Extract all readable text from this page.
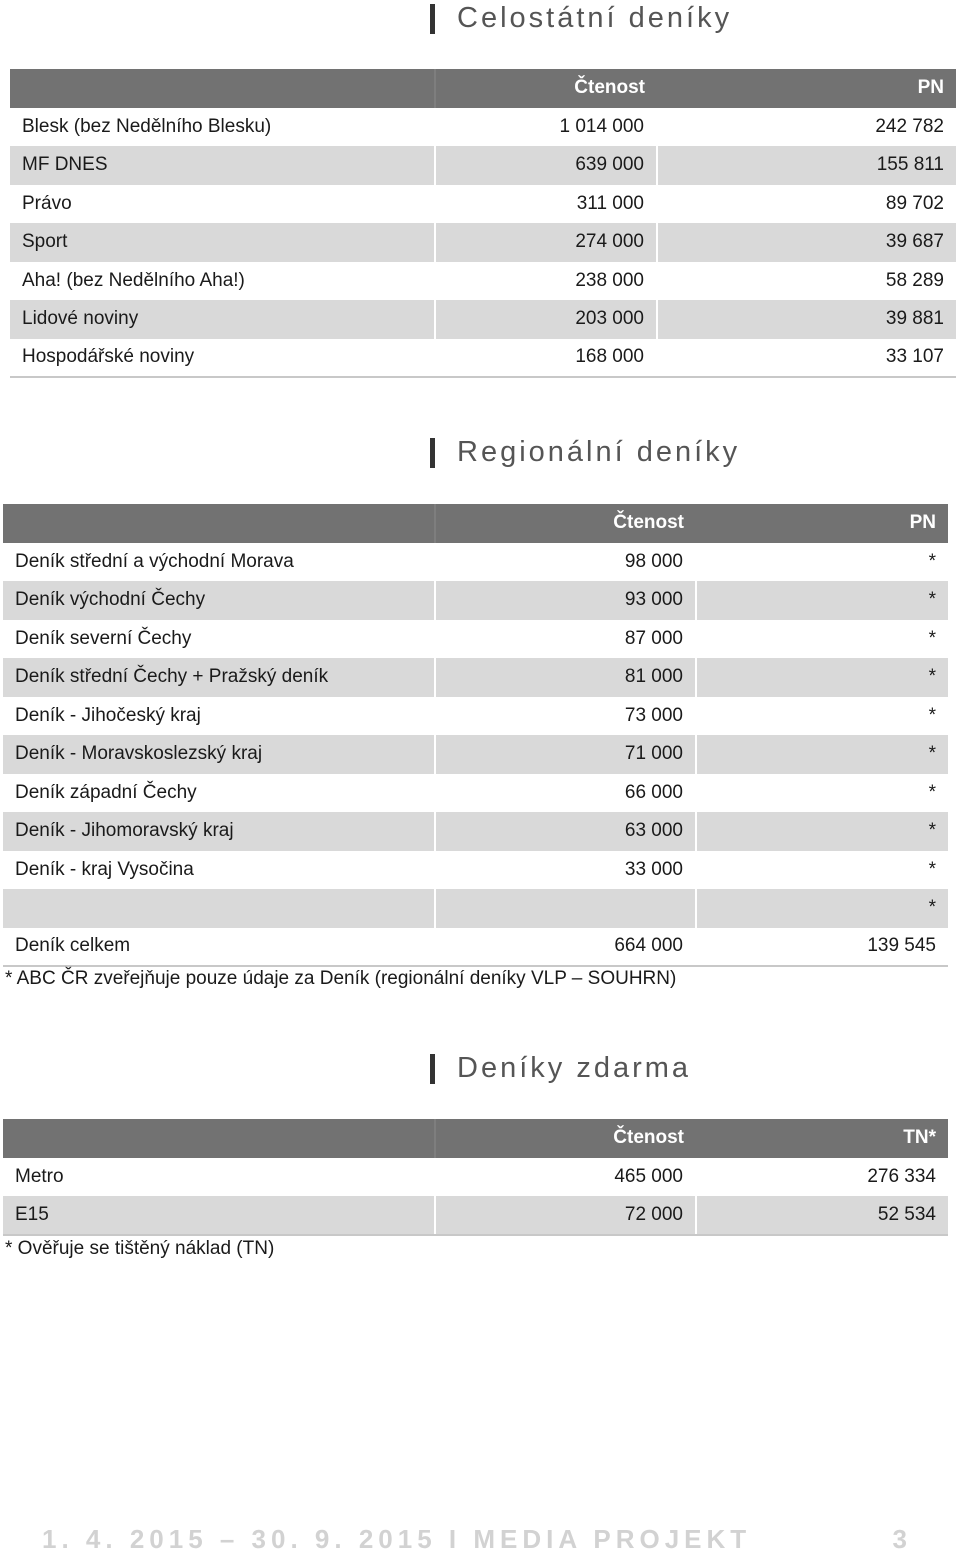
Celostátní deníky
	Čtenost	PN
Blesk (bez Nedělního Blesku)	1 014 000	242 782
MF DNES	639 000	155 811
Právo	311 000	89 702
Sport	274 000	39 687
Aha! (bez Nedělního Aha!)	238 000	58 289
Lidové noviny	203 000	39 881
Hospodářské noviny	168 000	33 107
Regionální deníky
	Čtenost	PN
Deník střední a východní Morava	98 000	*
Deník východní Čechy	93 000	*
Deník severní Čechy	87 000	*
Deník střední Čechy + Pražský deník	81 000	*
Deník - Jihočeský kraj	73 000	*
Deník - Moravskoslezský kraj	71 000	*
Deník západní Čechy	66 000	*
Deník - Jihomoravský kraj	63 000	*
Deník - kraj Vysočina	33 000	*
		*
Deník celkem	664 000	139 545
* ABC ČR zveřejňuje pouze údaje za Deník (regionální deníky VLP – SOUHRN)
Deníky zdarma
	Čtenost	TN*
Metro	465 000	276 334
E15	72 000	52 534
* Ověřuje se tištěný náklad (TN)
1. 4. 2015 – 30. 9. 2015 I MEDIA PROJEKT	3
